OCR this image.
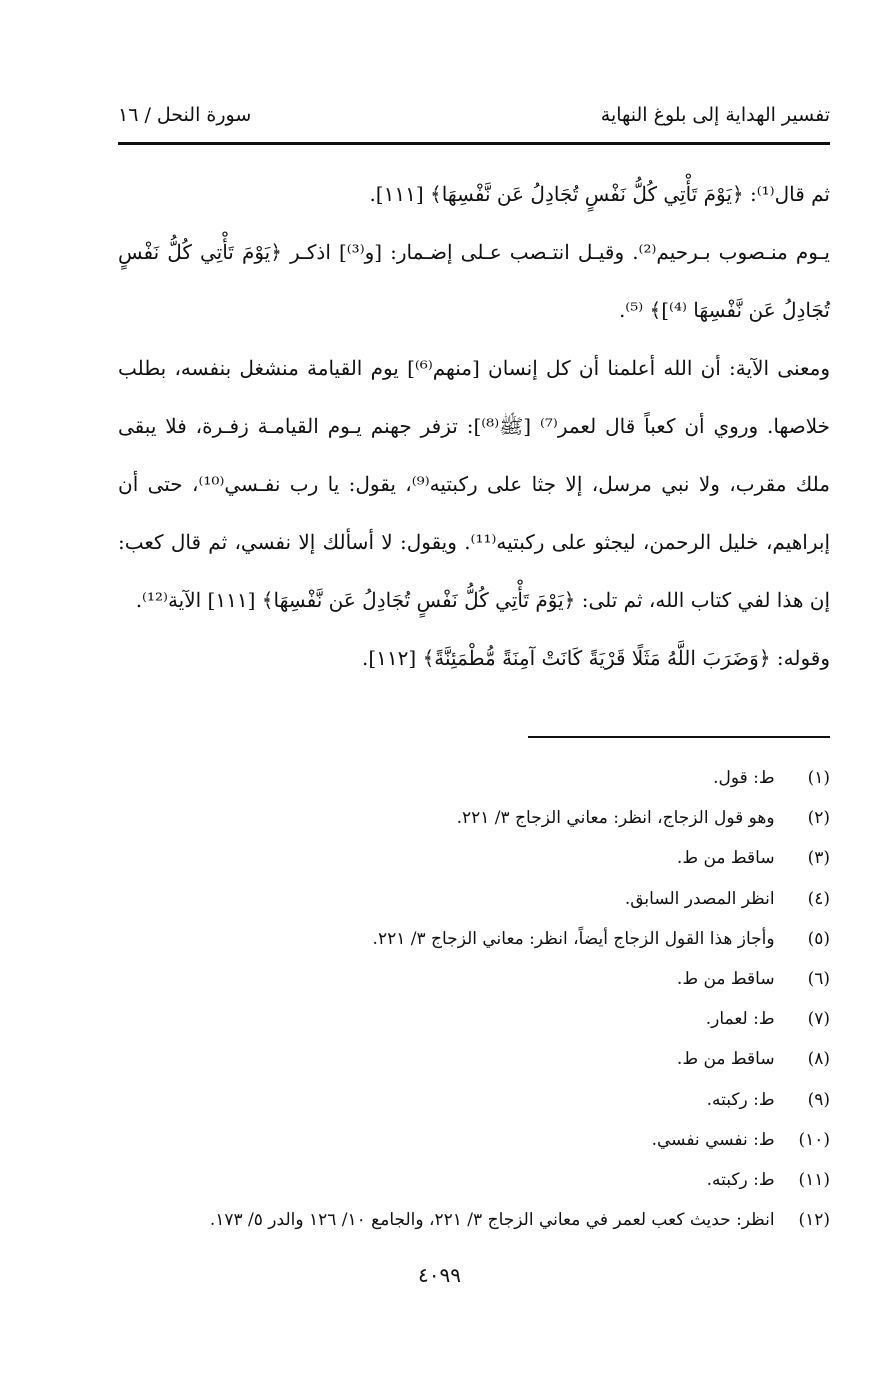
تفسير الهداية إلى بلوغ النهاية
سورة النحل / ١٦

ثم قال⁽¹⁾: ﴿يَوْمَ تَأْتِي كُلُّ نَفْسٍ تُجَادِلُ عَن نَّفْسِهَا﴾ [١١١].

يـوم منـصوب بـرحيم⁽²⁾. وقيـل انتـصب عـلى إضـمار: [و⁽³⁾] اذكـر ﴿يَوْمَ تَأْتِي كُلُّ نَفْسٍ تُجَادِلُ عَن نَّفْسِهَا ⁽⁴⁾]﴾ ⁽⁵⁾.

ومعنى الآية: أن الله أعلمنا أن كل إنسان [منهم⁽⁶⁾] يوم القيامة منشغل بنفسه، بطلب خلاصها. وروي أن كعباً قال لعمر⁽⁷⁾ [ﷺ⁽⁸⁾]: تزفر جهنم يـوم القيامـة زفـرة، فلا يبقى ملك مقرب، ولا نبي مرسل، إلا جثا على ركبتيه⁽⁹⁾، يقول: يا رب نفـسي⁽¹⁰⁾، حتى أن إبراهيم، خليل الرحمن، ليجثو على ركبتيه⁽¹¹⁾. ويقول: لا أسألك إلا نفسي، ثم قال كعب: إن هذا لفي كتاب الله، ثم تلى: ﴿يَوْمَ تَأْتِي كُلُّ نَفْسٍ تُجَادِلُ عَن نَّفْسِهَا﴾ [١١١] الآية⁽¹²⁾.

وقوله: ﴿وَضَرَبَ اللَّهُ مَثَلًا قَرْيَةً كَانَتْ آمِنَةً مُّطْمَئِنَّةً﴾ [١١٢].

(١) ط: قول.
(٢) وهو قول الزجاج، انظر: معاني الزجاج ٣/ ٢٢١.
(٣) ساقط من ط.
(٤) انظر المصدر السابق.
(٥) وأجاز هذا القول الزجاج أيضاً، انظر: معاني الزجاج ٣/ ٢٢١.
(٦) ساقط من ط.
(٧) ط: لعمار.
(٨) ساقط من ط.
(٩) ط: ركبته.
(١٠) ط: نفسي نفسي.
(١١) ط: ركبته.
(١٢) انظر: حديث كعب لعمر في معاني الزجاج ٣/ ٢٢١، والجامع ١٠/ ١٢٦ والدر ٥/ ١٧٣.
٤٠٩٩
